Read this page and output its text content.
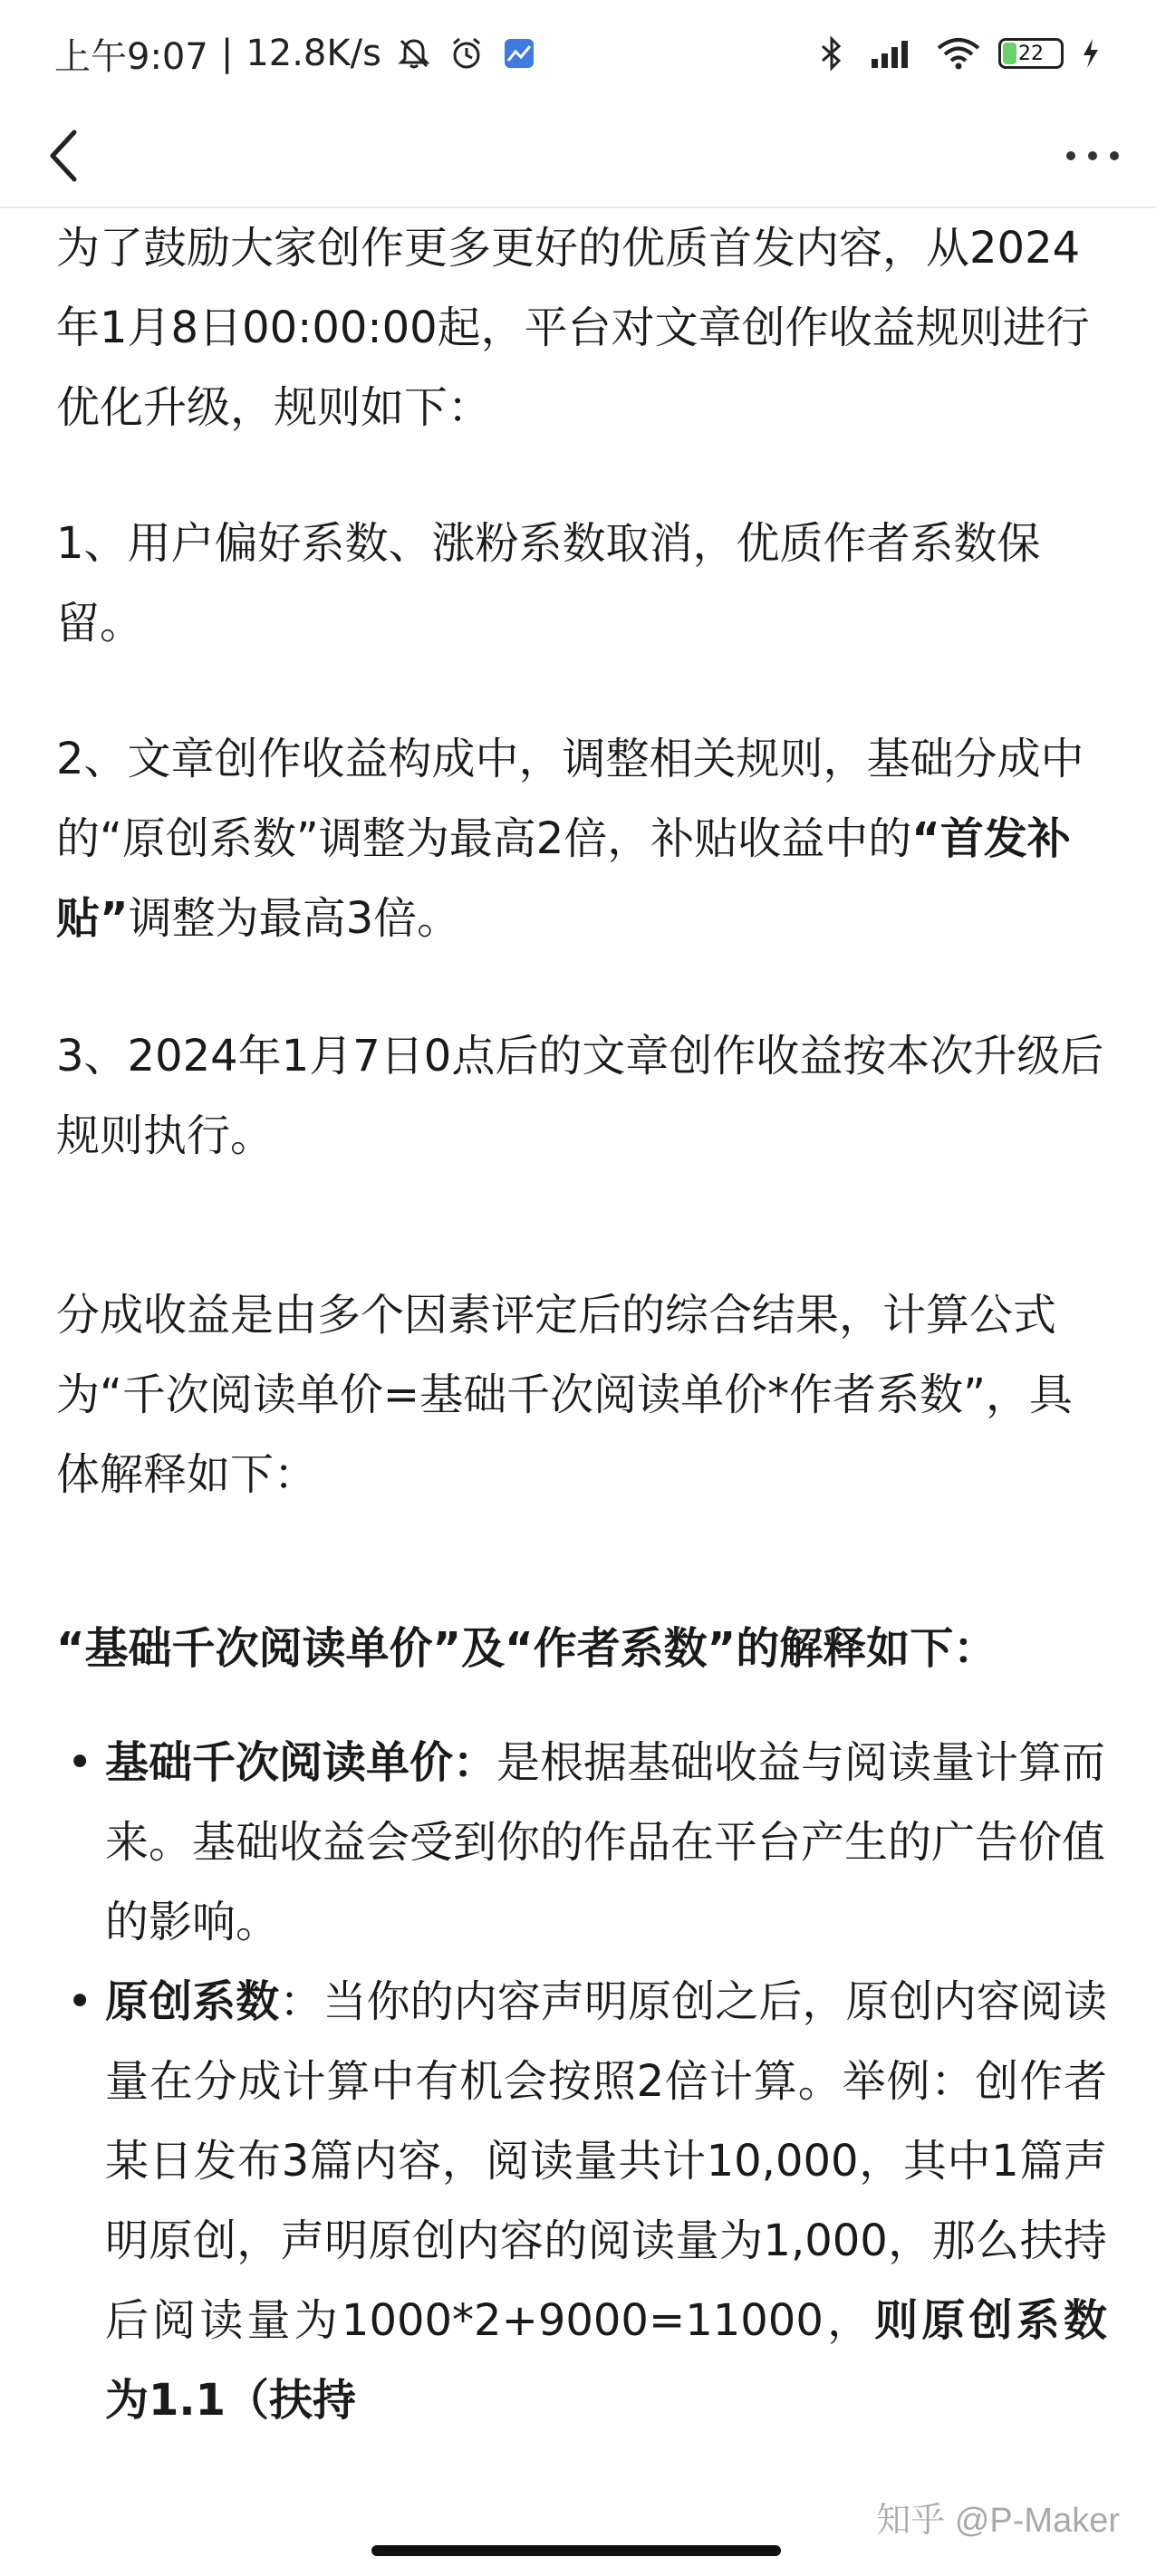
上午9:07 | 12.8K/s	22

为了鼓励大家创作更多更好的优质首发内容，从2024年1月8日00:00:00起，平台对文章创作收益规则进行优化升级，规则如下：

1、用户偏好系数、涨粉系数取消，优质作者系数保留。

2、文章创作收益构成中，调整相关规则，基础分成中的“原创系数”调整为最高2倍，补贴收益中的“首发补贴”调整为最高3倍。

3、2024年1月7日0点后的文章创作收益按本次升级后规则执行。

分成收益是由多个因素评定后的综合结果，计算公式为“千次阅读单价=基础千次阅读单价*作者系数”，具体解释如下：

“基础千次阅读单价”及“作者系数”的解释如下：

• 基础千次阅读单价：是根据基础收益与阅读量计算而来。基础收益会受到你的作品在平台产生的广告价值的影响。
• 原创系数：当你的内容声明原创之后，原创内容阅读量在分成计算中有机会按照2倍计算。举例：创作者某日发布3篇内容，阅读量共计10,000，其中1篇声明原创，声明原创内容的阅读量为1,000，那么扶持后阅读量为1000*2+9000=11000，则原创系数为1.1（扶持
知乎 @P-Maker
